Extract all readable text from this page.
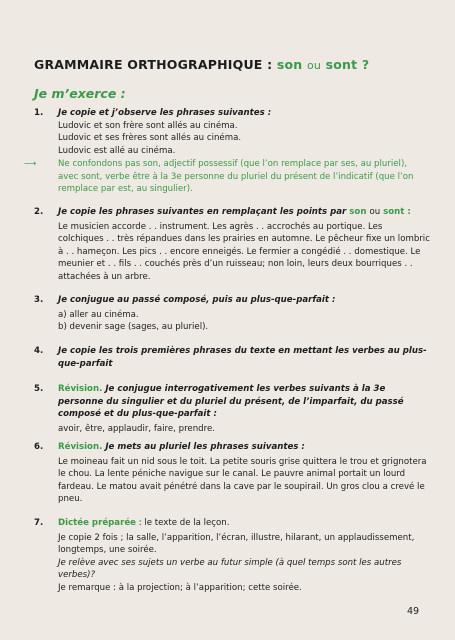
GRAMMAIRE ORTHOGRAPHIQUE : son ou sont ?
Je m’exerce :
1.	Je copie et j’observe les phrases suivantes :
Ludovic et son frère sont allés au cinéma.
Ludovic et ses frères sont allés au cinéma.
Ludovic est allé au cinéma.
⟶	Ne confondons pas son, adjectif possessif (que l’on remplace par ses, au pluriel), avec sont, verbe être à la 3e personne du pluriel du présent de l’indicatif (que l’on remplace par est, au singulier).
2.	Je copie les phrases suivantes en remplaçant les points par son ou sont :
Le musicien accorde . . instrument. Les agrès . . accrochés au portique. Les colchiques . . très répandues dans les prairies en automne. Le pêcheur fixe un lombric à . . hameçon. Les pics . . encore enneigés. Le fermier a congédié . . domestique. Le meunier et . . fils . . couchés près d’un ruisseau; non loin, leurs deux bourriques . . attachées à un arbre.
3.	Je conjugue au passé composé, puis au plus-que-parfait :
a) aller au cinéma.
b) devenir sage (sages, au pluriel).
4.	Je copie les trois premières phrases du texte en mettant les verbes au plus-que-parfait
5.	Révision. Je conjugue interrogativement les verbes suivants à la 3e personne du singulier et du pluriel du présent, de l’imparfait, du passé composé et du plus-que-parfait :
avoir, être, applaudir, faire, prendre.
6.	Révision. Je mets au pluriel les phrases suivantes :
Le moineau fait un nid sous le toit. La petite souris grise quittera le trou et grignotera le chou. La lente péniche navigue sur le canal. Le pauvre animal portait un lourd fardeau. Le matou avait pénétré dans la cave par le soupirail. Un gros clou a crevé le pneu.
7.	Dictée préparée : le texte de la leçon.
Je copie 2 fois ; la salle, l’apparition, l’écran, illustre, hilarant, un applaudissement, longtemps, une soirée.
Je relève avec ses sujets un verbe au futur simple (à quel temps sont les autres verbes)?
Je remarque : à la projection; à l’apparition; cette soirée.
49
